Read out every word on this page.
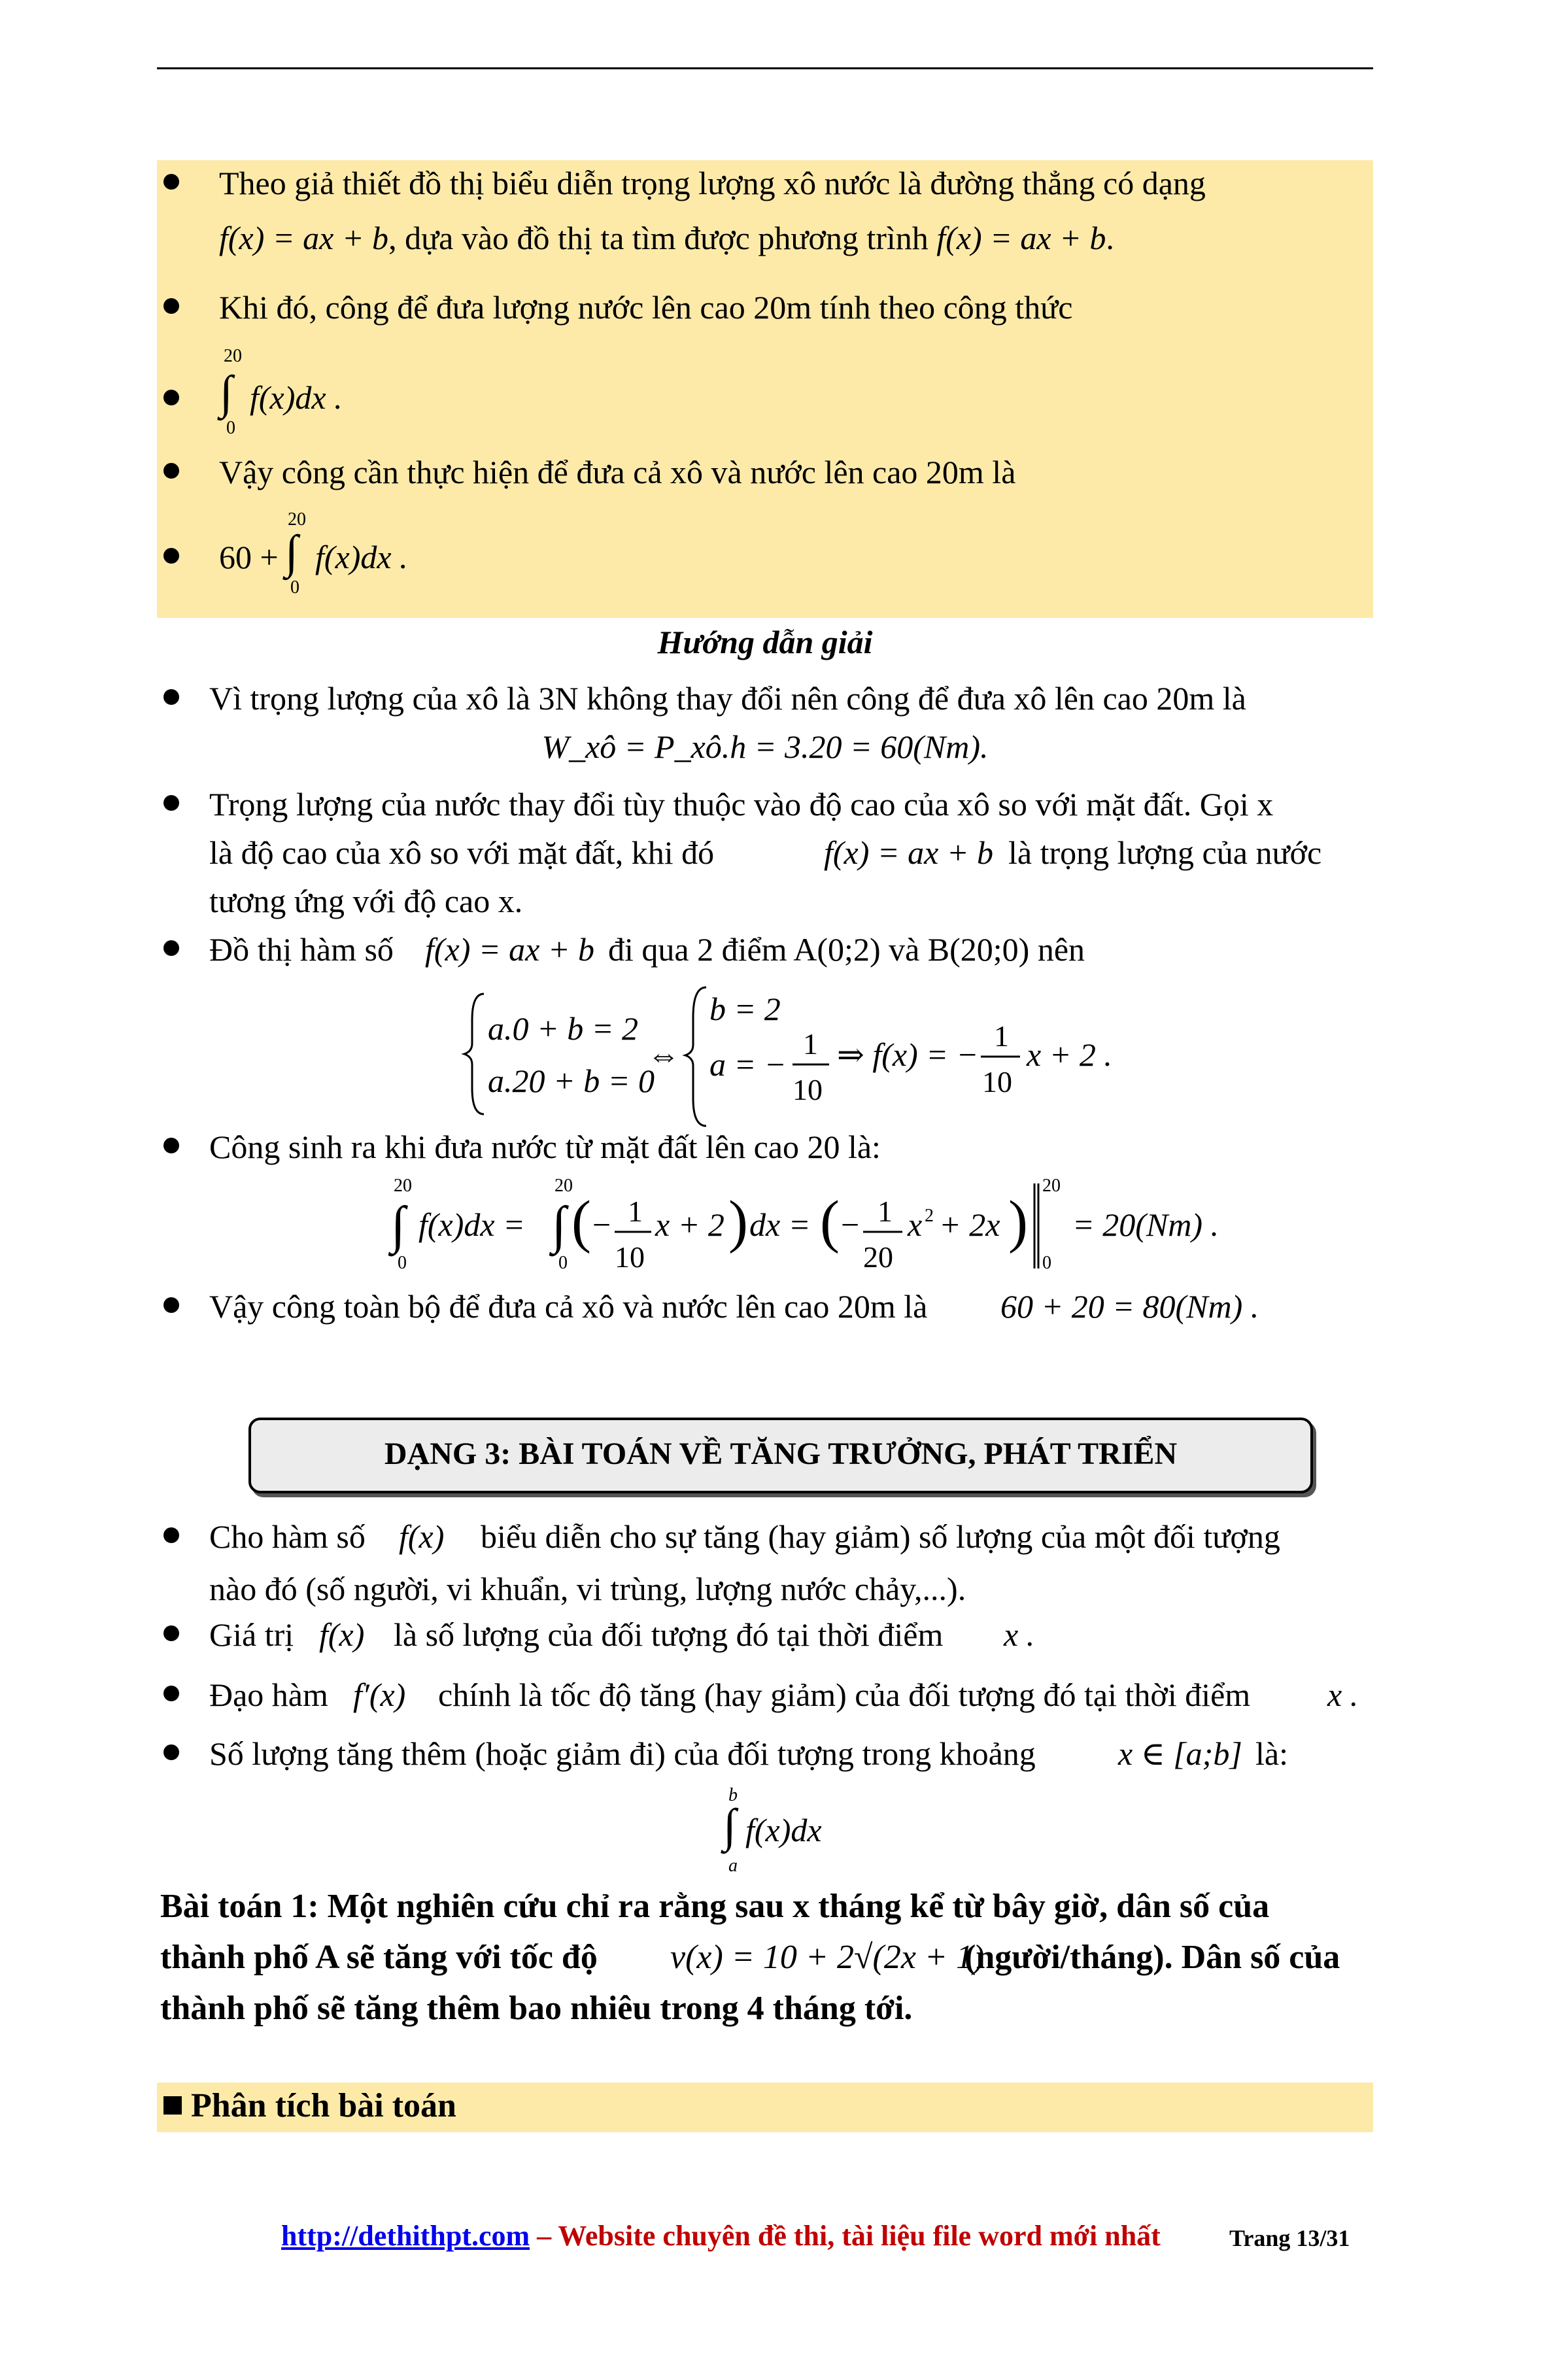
Theo giả thiết đồ thị biểu diễn trọng lượng xô nước là đường thẳng có dạng
f(x) = ax + b, dựa vào đồ thị ta tìm được phương trình f(x) = ax + b.
Khi đó, công để đưa lượng nước lên cao 20m tính theo công thức
20
∫
0
f(x)dx .
Vậy công cần thực hiện để đưa cả xô và nước lên cao 20m là
60 +
20
∫
0
f(x)dx .
Hướng dẫn giải
Vì trọng lượng của xô là 3N không thay đổi nên công để đưa xô lên cao 20m là
W_xô = P_xô.h = 3.20 = 60(Nm).
Trọng lượng của nước thay đổi tùy thuộc vào độ cao của xô so với mặt đất. Gọi x
là độ cao của xô so với mặt đất, khi đó	f(x) = ax + b là trọng lượng của nước
tương ứng với độ cao x.
Đồ thị hàm số f(x) = ax + b đi qua 2 điểm A(0;2) và B(20;0) nên
a.0 + b = 2
a.20 + b = 0
⇔
b = 2
a = −
1
10
⇒ f(x) = −
1
10
x + 2 .
Công sinh ra khi đưa nước từ mặt đất lên cao 20 là:
20
∫
0
f(x)dx =
20
∫
0
( − 1
10
x + 2 ) dx = ( − 1
20
x 2 + 2x )
20
0
= 20(Nm) .
Vậy công toàn bộ để đưa cả xô và nước lên cao 20m là 60 + 20 = 80(Nm) .
DẠNG 3: BÀI TOÁN VỀ TĂNG TRƯỞNG, PHÁT TRIỂN
Cho hàm số f(x) biểu diễn cho sự tăng (hay giảm) số lượng của một đối tượng
nào đó (số người, vi khuẩn, vi trùng, lượng nước chảy,...).
Giá trị f(x) là số lượng của đối tượng đó tại thời điểm x .
Đạo hàm f′(x) chính là tốc độ tăng (hay giảm) của đối tượng đó tại thời điểm x .
Số lượng tăng thêm (hoặc giảm đi) của đối tượng trong khoảng	x ∈ [a;b] là:
b
∫
a
f(x)dx
Bài toán 1: Một nghiên cứu chỉ ra rằng sau x tháng kể từ bây giờ, dân số của
thành phố A sẽ tăng với tốc độ v(x) = 10 + 2√(2x + 1)
(người/tháng). Dân số của
thành phố sẽ tăng thêm bao nhiêu trong 4 tháng tới.
Phân tích bài toán
http://dethithpt.com – Website chuyên đề thi, tài liệu file word mới nhất	Trang 13/31
